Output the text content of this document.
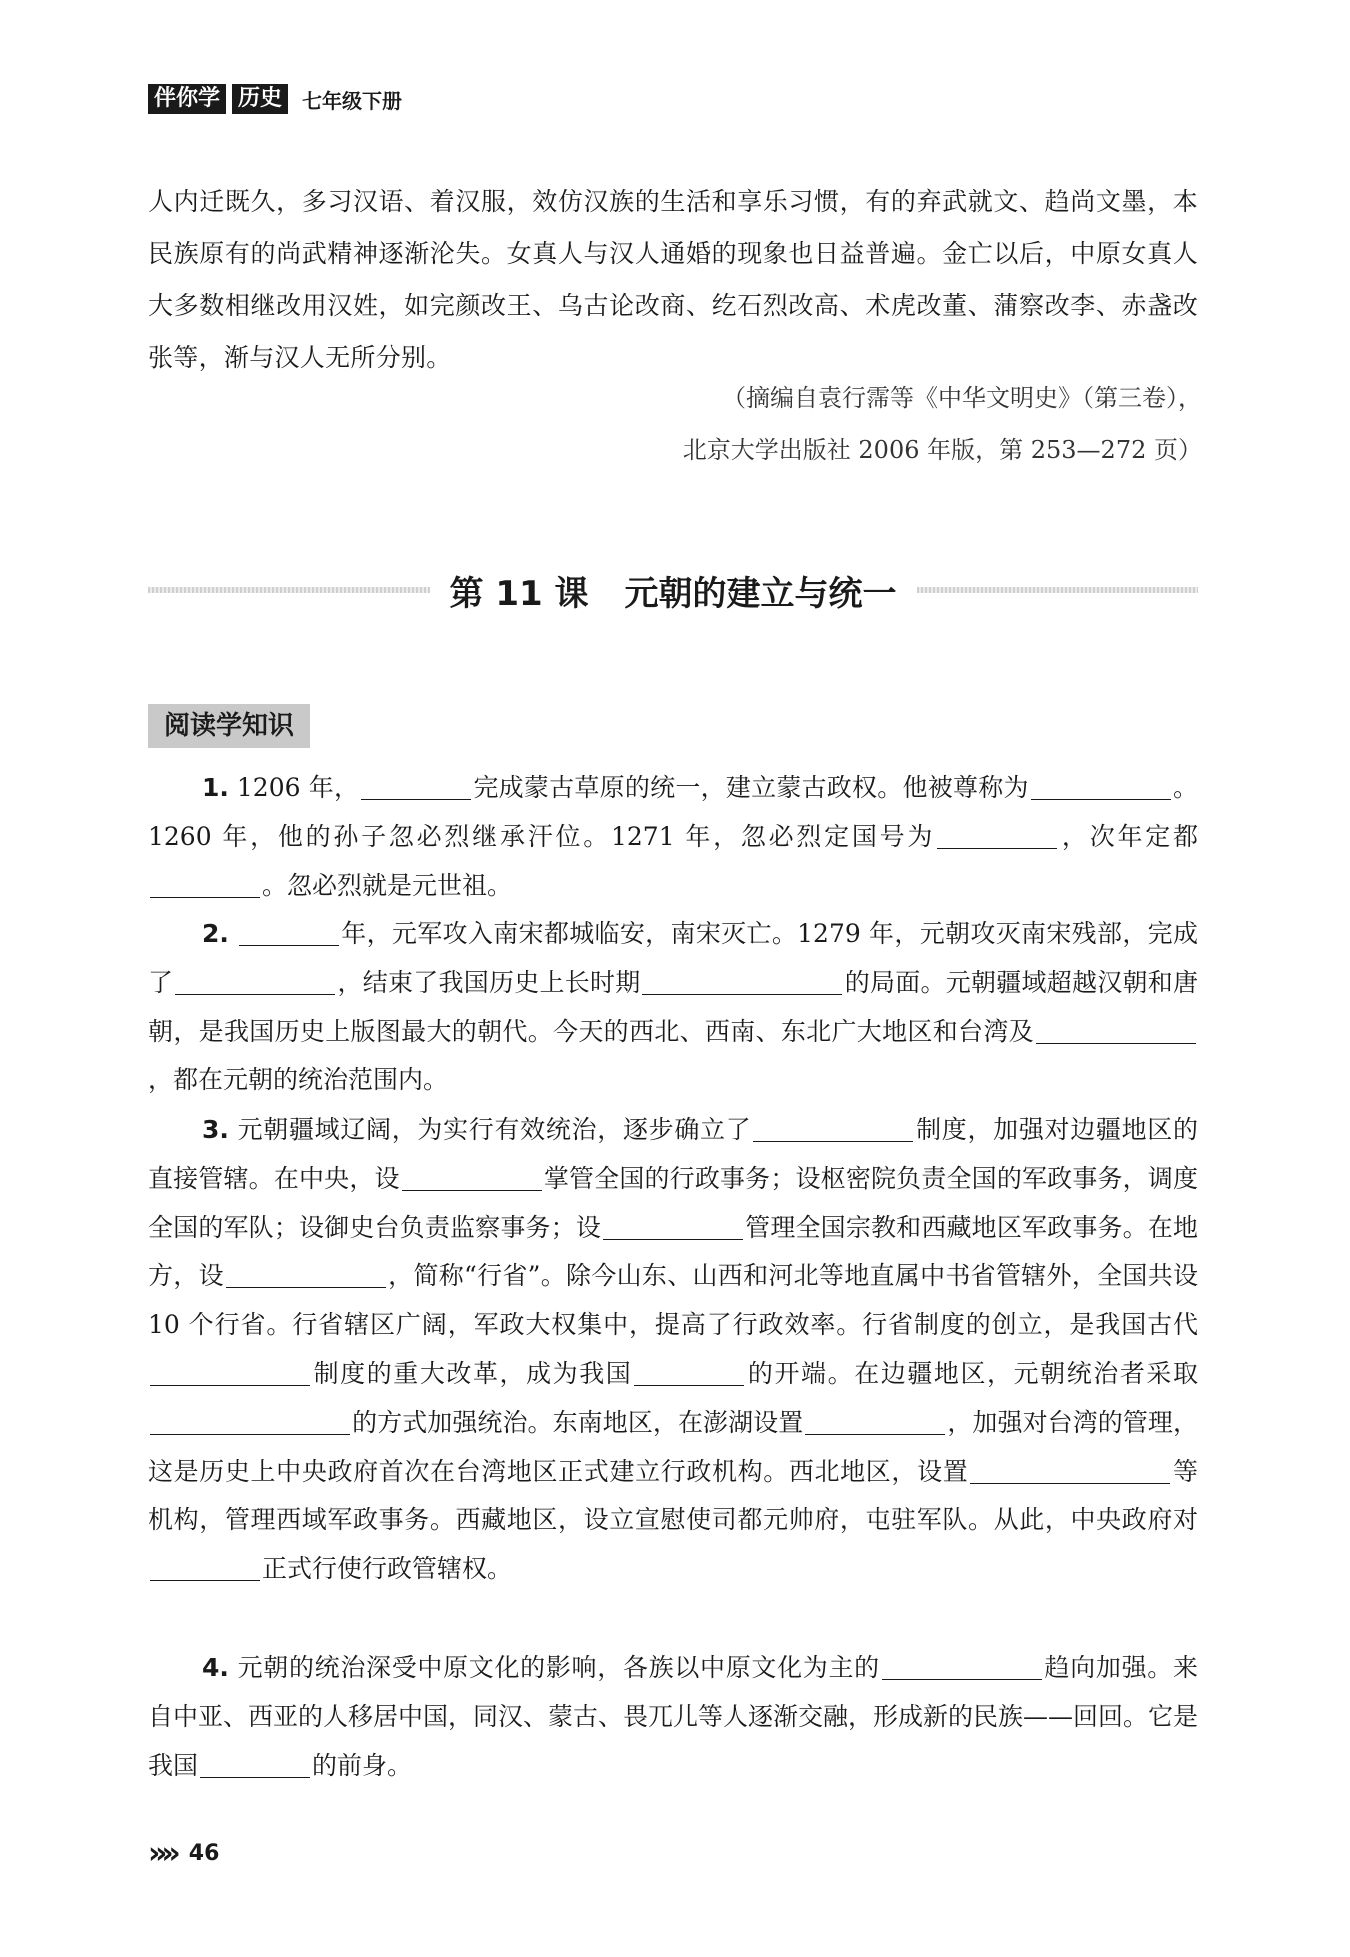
伴你学 历史	七年级下册
人内迁既久，多习汉语、着汉服，效仿汉族的生活和享乐习惯，有的弃武就文、趋尚文墨，本民族原有的尚武精神逐渐沦失。女真人与汉人通婚的现象也日益普遍。金亡以后，中原女真人大多数相继改用汉姓，如完颜改王、乌古论改商、纥石烈改高、术虎改董、蒲察改李、赤盏改张等，渐与汉人无所分别。
（摘编自袁行霈等《中华文明史》（第三卷），
北京大学出版社 2006 年版，第 253—272 页）
第 11 课 元朝的建立与统一
阅读学知识
1. 1206 年，	完成蒙古草原的统一，建立蒙古政权。他被尊称为	。1260 年，他的孙子忽必烈继承汗位。1271 年，忽必烈定国号为	，次年定都。忽必烈就是元世祖。
2.	年，元军攻入南宋都城临安，南宋灭亡。1279 年，元朝攻灭南宋残部，完成了	，结束了我国历史上长时期	的局面。元朝疆域超越汉朝和唐朝，是我国历史上版图最大的朝代。今天的西北、西南、东北广大地区和台湾及，都在元朝的统治范围内。
3. 元朝疆域辽阔，为实行有效统治，逐步确立了	制度，加强对边疆地区的直接管辖。在中央，设	掌管全国的行政事务；设枢密院负责全国的军政事务，调度全国的军队；设御史台负责监察事务；设	管理全国宗教和西藏地区军政事务。在地方，设	，简称“行省”。除今山东、山西和河北等地直属中书省管辖外，全国共设 10 个行省。行省辖区广阔，军政大权集中，提高了行政效率。行省制度的创立，是我国古代制度的重大改革，成为我国	的开端。在边疆地区，元朝统治者采取的方式加强统治。东南地区，在澎湖设置	，加强对台湾的管理，这是历史上中央政府首次在台湾地区正式建立行政机构。西北地区，设置	等机构，管理西域军政事务。西藏地区，设立宣慰使司都元帅府，屯驻军队。从此，中央政府对正式行使行政管辖权。
4. 元朝的统治深受中原文化的影响，各族以中原文化为主的	趋向加强。来自中亚、西亚的人移居中国，同汉、蒙古、畏兀儿等人逐渐交融，形成新的民族——回回。它是我国	的前身。
»» 46
